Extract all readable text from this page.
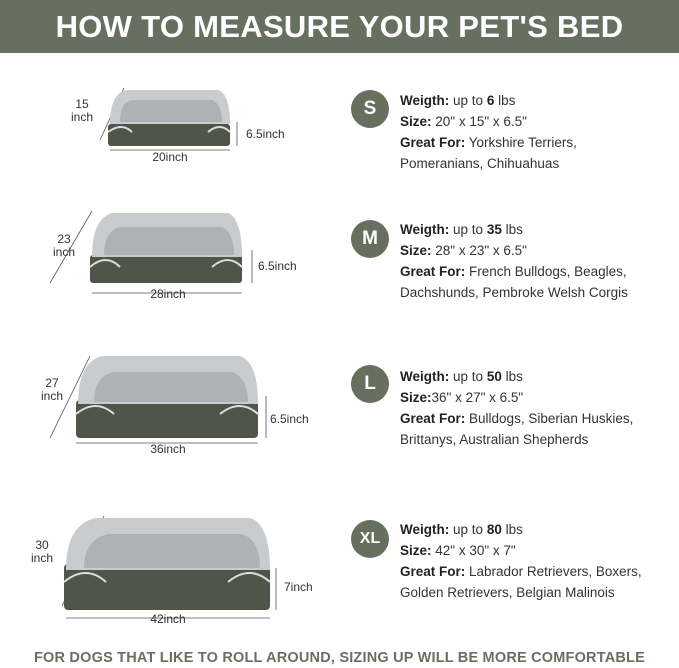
HOW TO MEASURE YOUR PET'S BED
15
inch
6.5inch
20inch
S	Weigth: up to 6 lbs
Size: 20" x 15" x 6.5"
Great For: Yorkshire Terriers,
Pomeranians, Chihuahuas
23
inch
6.5inch
28inch
M	Weigth: up to 35 lbs
Size: 28" x 23" x 6.5"
Great For: French Bulldogs, Beagles,
Dachshunds, Pembroke Welsh Corgis
27
inch
6.5inch
36inch
L	Weigth: up to 50 lbs
Size:36" x 27" x 6.5"
Great For: Bulldogs, Siberian Huskies,
Brittanys, Australian Shepherds
30
inch
7inch
42inch
XL
Weigth: up to 80 lbs
Size: 42" x 30" x 7"
Great For: Labrador Retrievers, Boxers,
Golden Retrievers, Belgian Malinois
FOR DOGS THAT LIKE TO ROLL AROUND, SIZING UP WILL BE MORE COMFORTABLE
